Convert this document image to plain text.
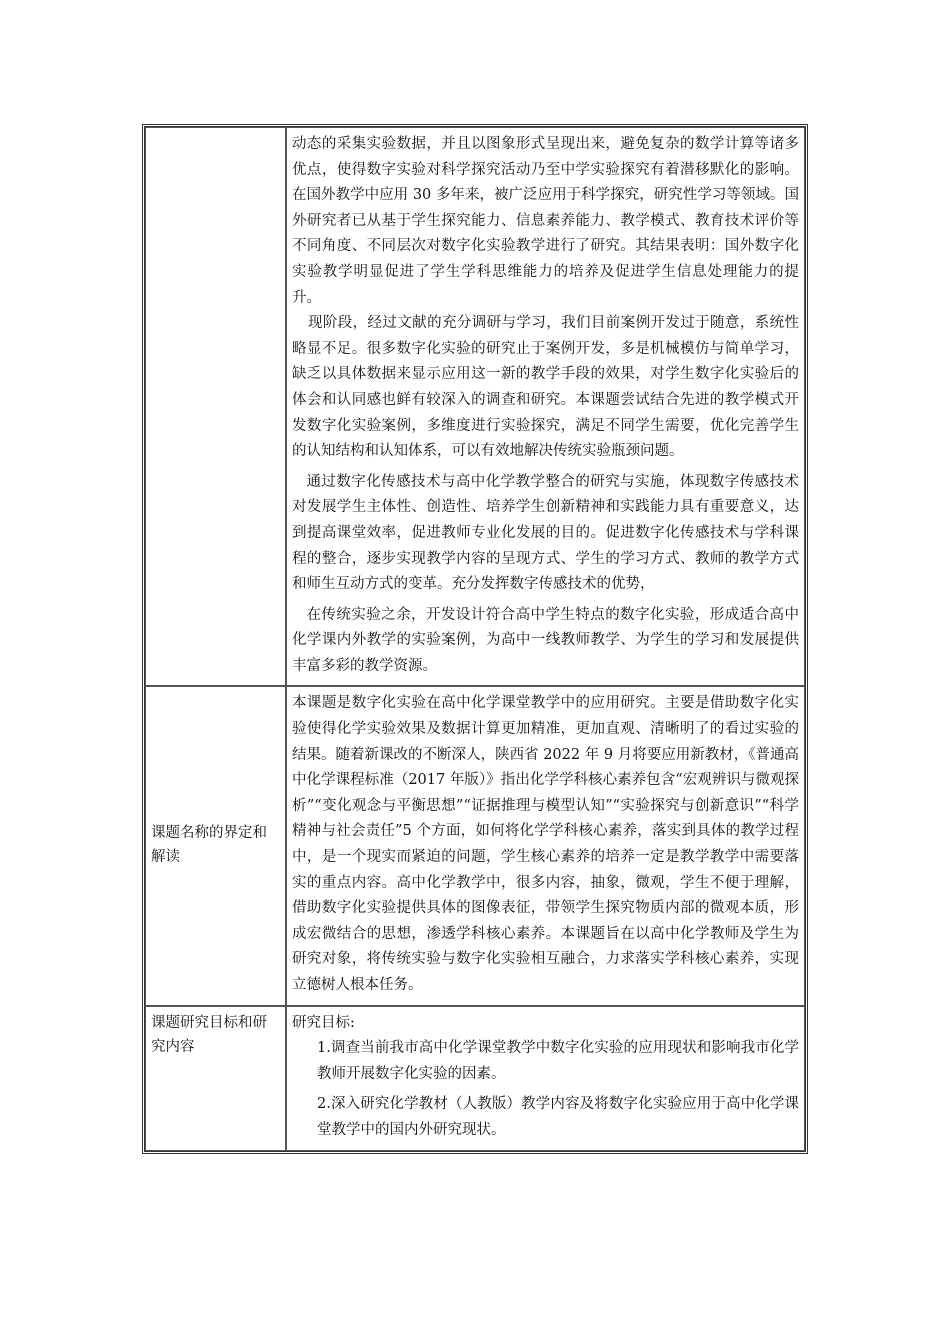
	动态的采集实验数据，并且以图象形式呈现出来，避免复杂的数学计算等诸多优点，使得数字实验对科学探究活动乃至中学实验探究有着潜移默化的影响。在国外教学中应用 30 多年来，被广泛应用于科学探究，研究性学习等领域。国外研究者已从基于学生探究能力、信息素养能力、教学模式、教育技术评价等不同角度、不同层次对数字化实验教学进行了研究。其结果表明：国外数字化实验教学明显促进了学生学科思维能力的培养及促进学生信息处理能力的提升。

现阶段，经过文献的充分调研与学习，我们目前案例开发过于随意，系统性略显不足。很多数字化实验的研究止于案例开发，多是机械模仿与简单学习，缺乏以具体数据来显示应用这一新的教学手段的效果，对学生数字化实验后的体会和认同感也鲜有较深入的调查和研究。本课题尝试结合先进的教学模式开发数字化实验案例，多维度进行实验探究，满足不同学生需要，优化完善学生的认知结构和认知体系，可以有效地解决传统实验瓶颈问题。

通过数字化传感技术与高中化学教学整合的研究与实施，体现数字传感技术对发展学生主体性、创造性、培养学生创新精神和实践能力具有重要意义，达到提高课堂效率，促进教师专业化发展的目的。促进数字化传感技术与学科课程的整合，逐步实现教学内容的呈现方式、学生的学习方式、教师的教学方式和师生互动方式的变革。充分发挥数字传感技术的优势，

在传统实验之余，开发设计符合高中学生特点的数字化实验，形成适合高中化学课内外教学的实验案例，为高中一线教师教学、为学生的学习和发展提供丰富多彩的教学资源。

课题名称的界定和解读	本课题是数字化实验在高中化学课堂教学中的应用研究。主要是借助数字化实验使得化学实验效果及数据计算更加精准，更加直观、清晰明了的看过实验的结果。随着新课改的不断深人，陕西省 2022 年 9 月将要应用新教材，《普通高中化学课程标准（2017 年版）》指出化学学科核心素养包含“宏观辨识与微观探析”“变化观念与平衡思想”“证据推理与模型认知”“实验探究与创新意识”“科学精神与社会责任”5 个方面，如何将化学学科核心素养，落实到具体的教学过程中，是一个现实而紧迫的问题，学生核心素养的培养一定是教学教学中需要落实的重点内容。高中化学教学中，很多内容，抽象，微观，学生不便于理解，借助数字化实验提供具体的图像表征，带领学生探究物质内部的微观本质，形成宏微结合的思想，渗透学科核心素养。本课题旨在以高中化学教师及学生为研究对象，将传统实验与数字化实验相互融合，力求落实学科核心素养，实现立德树人根本任务。

课题研究目标和研究内容	研究目标:

1.调查当前我市高中化学课堂教学中数字化实验的应用现状和影响我市化学教师开展数字化实验的因素。

2.深入研究化学教材（人教版）教学内容及将数字化实验应用于高中化学课堂教学中的国内外研究现状。
